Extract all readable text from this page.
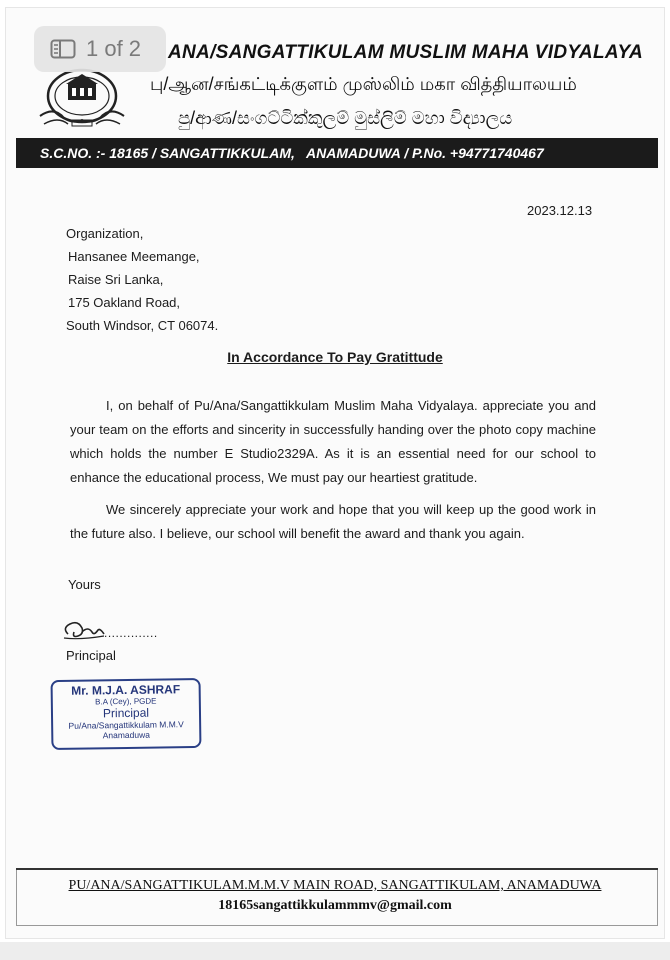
ANA/SANGATTIKULAM MUSLIM MAHA VIDYALAYA
பு/ஆன/சங்கட்டிக்குளம் முஸ்லிம் மகா வித்தியாலயம்
පු/ආණ/සංගට්ටික්කුලම් මුස්ලිම් මහා විද්‍යාලය
S.C.NO. :- 18165 / SANGATTIKKULAM,   ANAMADUWA / P.No. +94771740467
1 of 2
2023.12.13
Organization,
Hansanee Meemange,
Raise Sri Lanka,
175 Oakland Road,
South Windsor, CT 06074.
In Accordance To Pay Gratittude
I, on behalf of Pu/Ana/Sangattikkulam Muslim Maha Vidyalaya. appreciate you and your team on the efforts and sincerity in successfully handing over the photo copy machine which holds the number E Studio2329A. As it is an essential need for our school to enhance the educational process, We must pay our heartiest gratitude.
We sincerely appreciate your work and hope that you will keep up the good work in the future also. I believe, our school will benefit the award and thank you again.
Yours
..............
Principal
Mr. M.J.A. ASHRAF
B.A (Cey), PGDE
Principal
Pu/Ana/Sangattikkulam M.M.V
Anamaduwa
PU/ANA/SANGATTIKULAM.M.M.V MAIN ROAD, SANGATTIKULAM, ANAMADUWA
18165sangattikkulammmv@gmail.com
